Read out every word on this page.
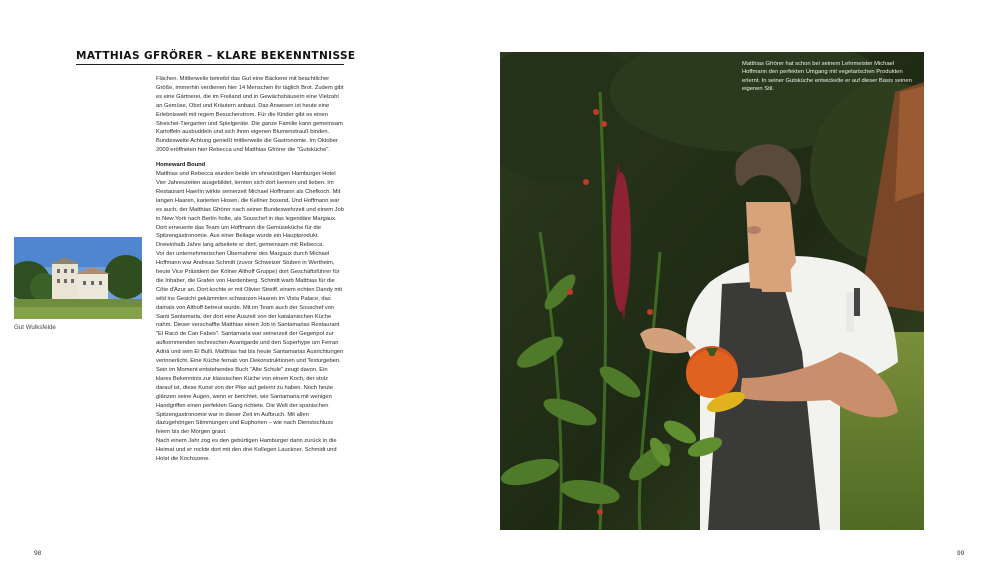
MATTHIAS GFRÖRER – KLARE BEKENNTNISSE

Flächen. Mittlerweile betreibt das Gut eine Bäckerei mit beachtlicher Größe, immerhin verdienen hier 14 Menschen ihr täglich Brot. Zudem gibt es eine Gärtnerei, die im Freiland und in Gewächshäusern eine Vielzahl an Gemüse, Obst und Kräutern anbaut. Das Anwesen ist heute eine Erlebniswelt mit regem Besucherstrom. Für die Kinder gibt es einen Streichel-Tiergarten und Spielgeräte. Die ganze Familie kann gemeinsam Kartoffeln ausbuddeln und sich ihren eigenen Blumenstrauß binden. Bundesweite Achtung genießt mittlerweile die Gastronomie. Im Oktober 2009 eröffneten hier Rebecca und Matthias Gfrörer die "Gutsküche".

Homeward Bound

Matthias und Rebecca wurden beide im ehrwürdigen Hamburger Hotel Vier Jahreszeiten ausgebildet, lernten sich dort kennen und lieben. Im Restaurant Haerlin wirkte seinerzeit Michael Hoffmann als Chefkoch. Mit langen Haaren, karierten Hosen, die Kellner boxend. Und Hoffmann war es auch, der Matthias Gfrörer nach seiner Bundeswehrzeit und einem Job in New York nach Berlin holte, als Souschef in das legendäre Margaux. Dort erneuerte das Team um Hoffmann die Gemüseküche für die Spitzengastronomie. Aus einer Beilage wurde ein Hauptprodukt. Dreieinhalb Jahre lang arbeitete er dort, gemeinsam mit Rebecca.

Vor der unternehmerischen Übernahme des Margaux durch Michael Hoffmann war Andreas Schmitt (zuvor Schweizer Stuben in Wertheim, heute Vice Präsident der Kölner Althoff Gruppe) dort Geschäftsführer für die Inhaber, die Grafen von Hardenberg. Schmitt warb Matthias für die Côte d'Azur an. Dort kochte er mit Olivier Streiff, einem echten Dandy mit wild ins Gesicht gekämmten schwarzen Haaren im Vista Palace, das damals von Althoff betreut wurde. Mit im Team auch der Souschef von Santi Santamaria, der dort eine Auszeit von der katalanischen Küche nahm. Dieser verschaffte Matthias einen Job in Santamarias Restaurant "El Racó de Can Fabes". Santamaria war seinerzeit der Gegenpol zur aufkommenden technischen Avantgarde und den Superhype um Ferran Adrià und sein El Bulli. Matthias hat bis heute Santamarias Ausrichtungen verinnerlicht. Eine Küche fernab von Dekonstruktionen und Texturgeben. Sein im Moment entstehendes Buch "Alte Schule" zeugt davon. Ein klares Bekenntnis zur klassischen Küche von einem Koch, der stolz darauf ist, diese Kunst von der Pike auf gelernt zu haben. Noch heute glänzen seine Augen, wenn er berichtet, wie Santamaria mit wenigen Handgriffen einen perfekten Gang richtete. Die Welt der spanischen Spitzengastronomie war in dieser Zeit im Aufbruch. Mit allen dazugehörigen Stimmungen und Euphorien – wie nach Dienstschluss feiern bis der Morgen graut.

Nach einem Jahr zog es den gebürtigen Hamburger dann zurück in die Heimat und er rockte dort mit den drei Kollegen Lauckner, Schmidt und Holst die Kochszene.

Gut Wulksfelde
98	99
Matthias Gfrörer hat schon bei seinem Lehrmeister Michael Hoffmann den perfekten Umgang mit vegetarischen Produkten erlernt. In seiner Gutsküche entwickelte er auf dieser Basis seinen eigenen Stil.
